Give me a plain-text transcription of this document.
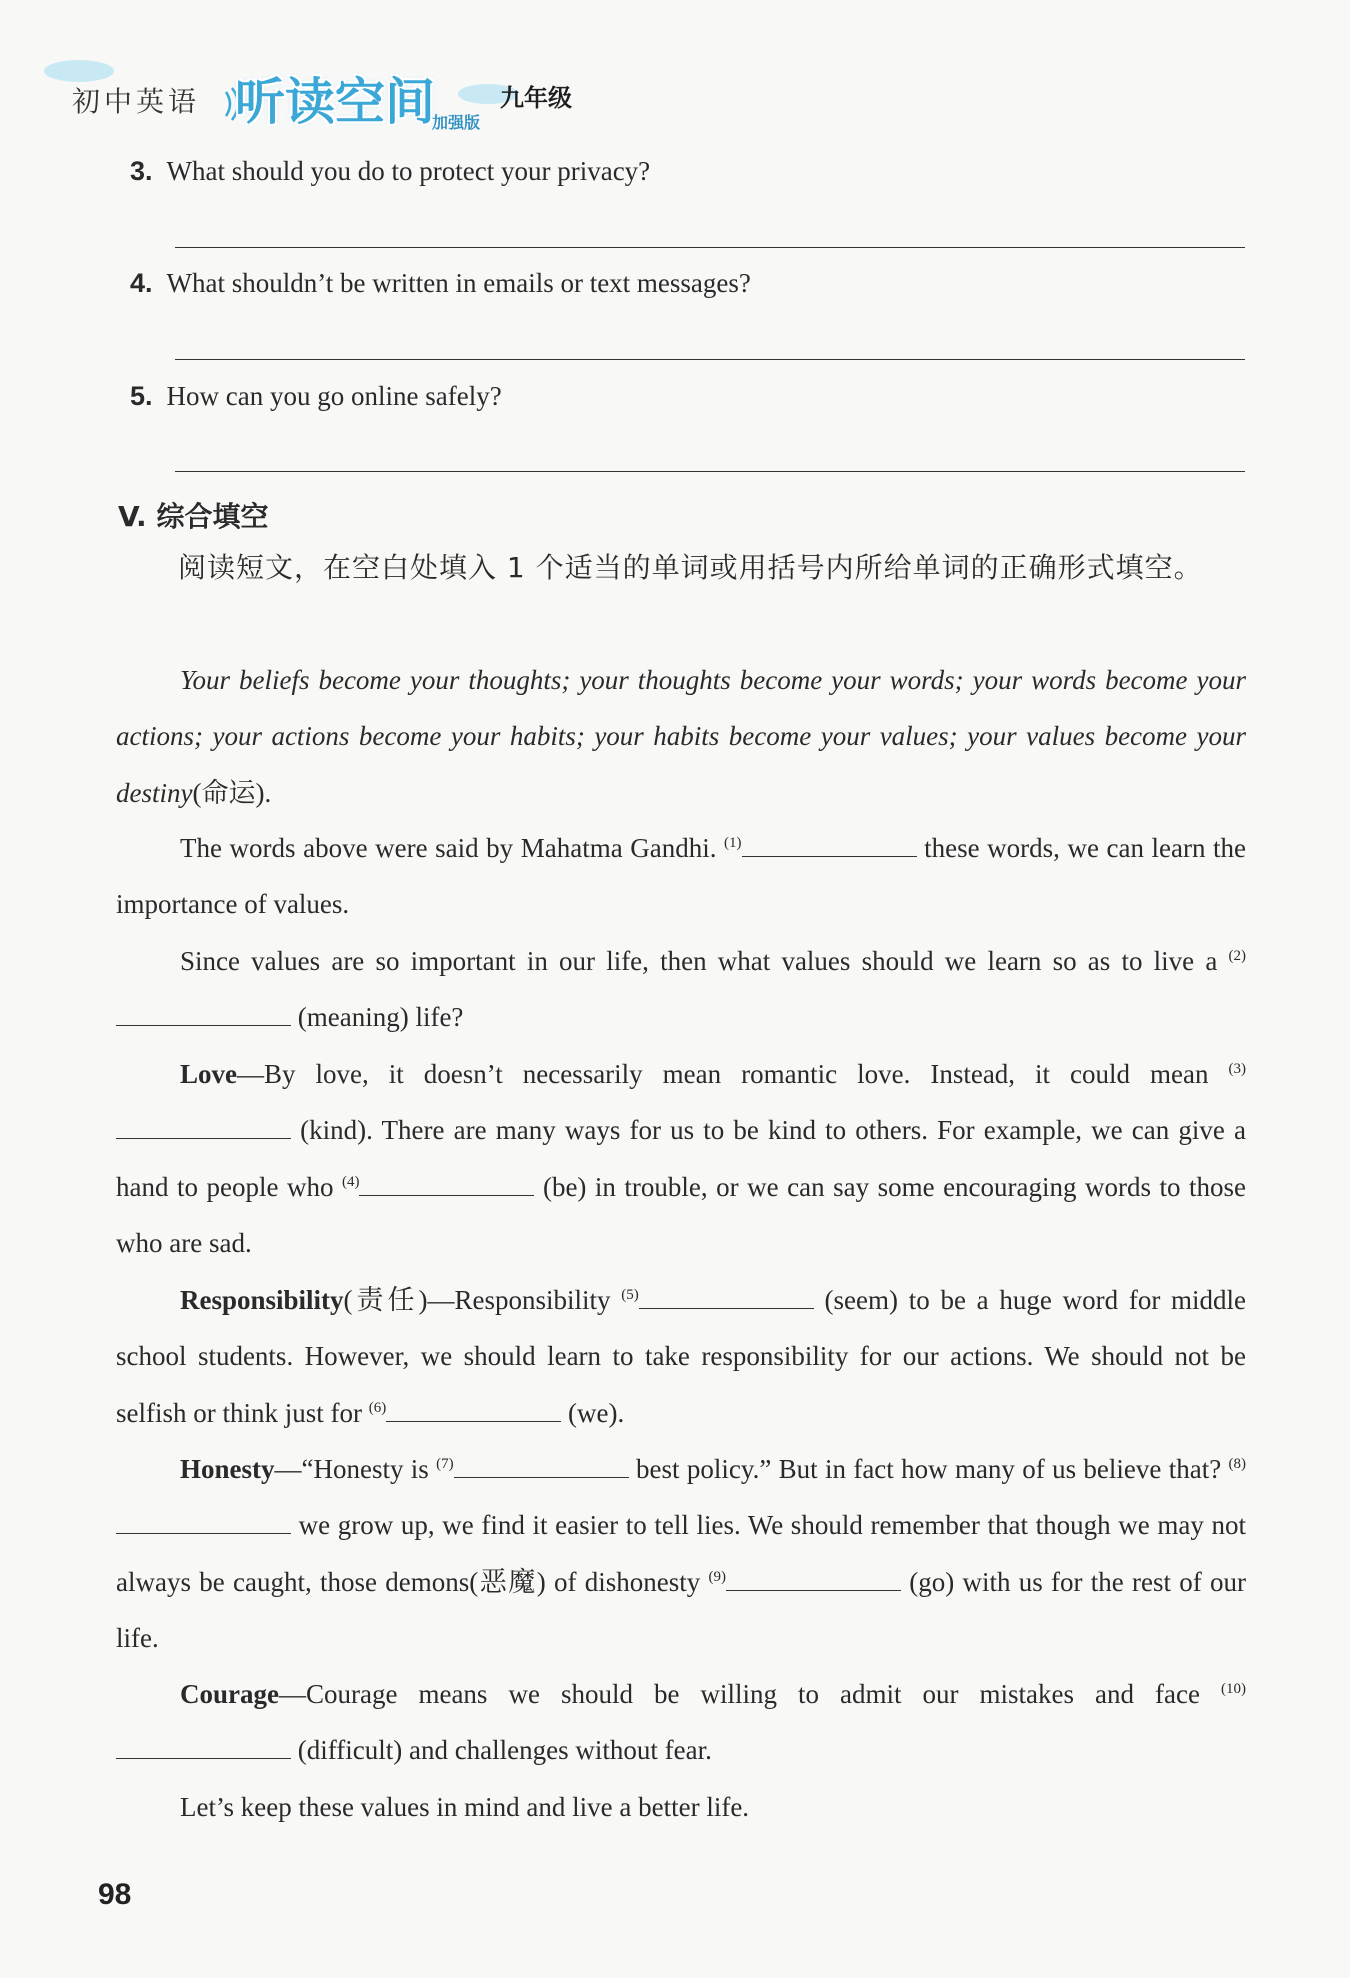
初中英语 听读空间
加强版
九年级
3. What should you do to protect your privacy?
4. What shouldn’t be written in emails or text messages?
5. How can you go online safely?
V. 综合填空
阅读短文，在空白处填入 1 个适当的单词或用括号内所给单词的正确形式填空。
Your beliefs become your thoughts; your thoughts become your words; your words become your actions; your actions become your habits; your habits become your values; your values become your destiny(命运).
The words above were said by Mahatma Gandhi. $^{(1)}$	these words, we can learn the importance of values.
Since values are so important in our life, then what values should we learn so as to live a $^{(2)}$ (meaning) life?
Love—By love, it doesn’t necessarily mean romantic love. Instead, it could mean $^{(3)}$ (kind). There are many ways for us to be kind to others. For example, we can give a hand to people who $^{(4)}$	(be) in trouble, or we can say some encouraging words to those who are sad.
Responsibility(责任)—Responsibility $^{(5)}$	(seem) to be a huge word for middle school students. However, we should learn to take responsibility for our actions. We should not be selfish or think just for $^{(6)}$	(we).
Honesty—“Honesty is $^{(7)}$	best policy.” But in fact how many of us believe that? $^{(8)}$ we grow up, we find it easier to tell lies. We should remember that though we may not always be caught, those demons(恶魔) of dishonesty $^{(9)}$	(go) with us for the rest of our life.
Courage—Courage means we should be willing to admit our mistakes and face $^{(10)}$ (difficult) and challenges without fear.
Let’s keep these values in mind and live a better life.
98
